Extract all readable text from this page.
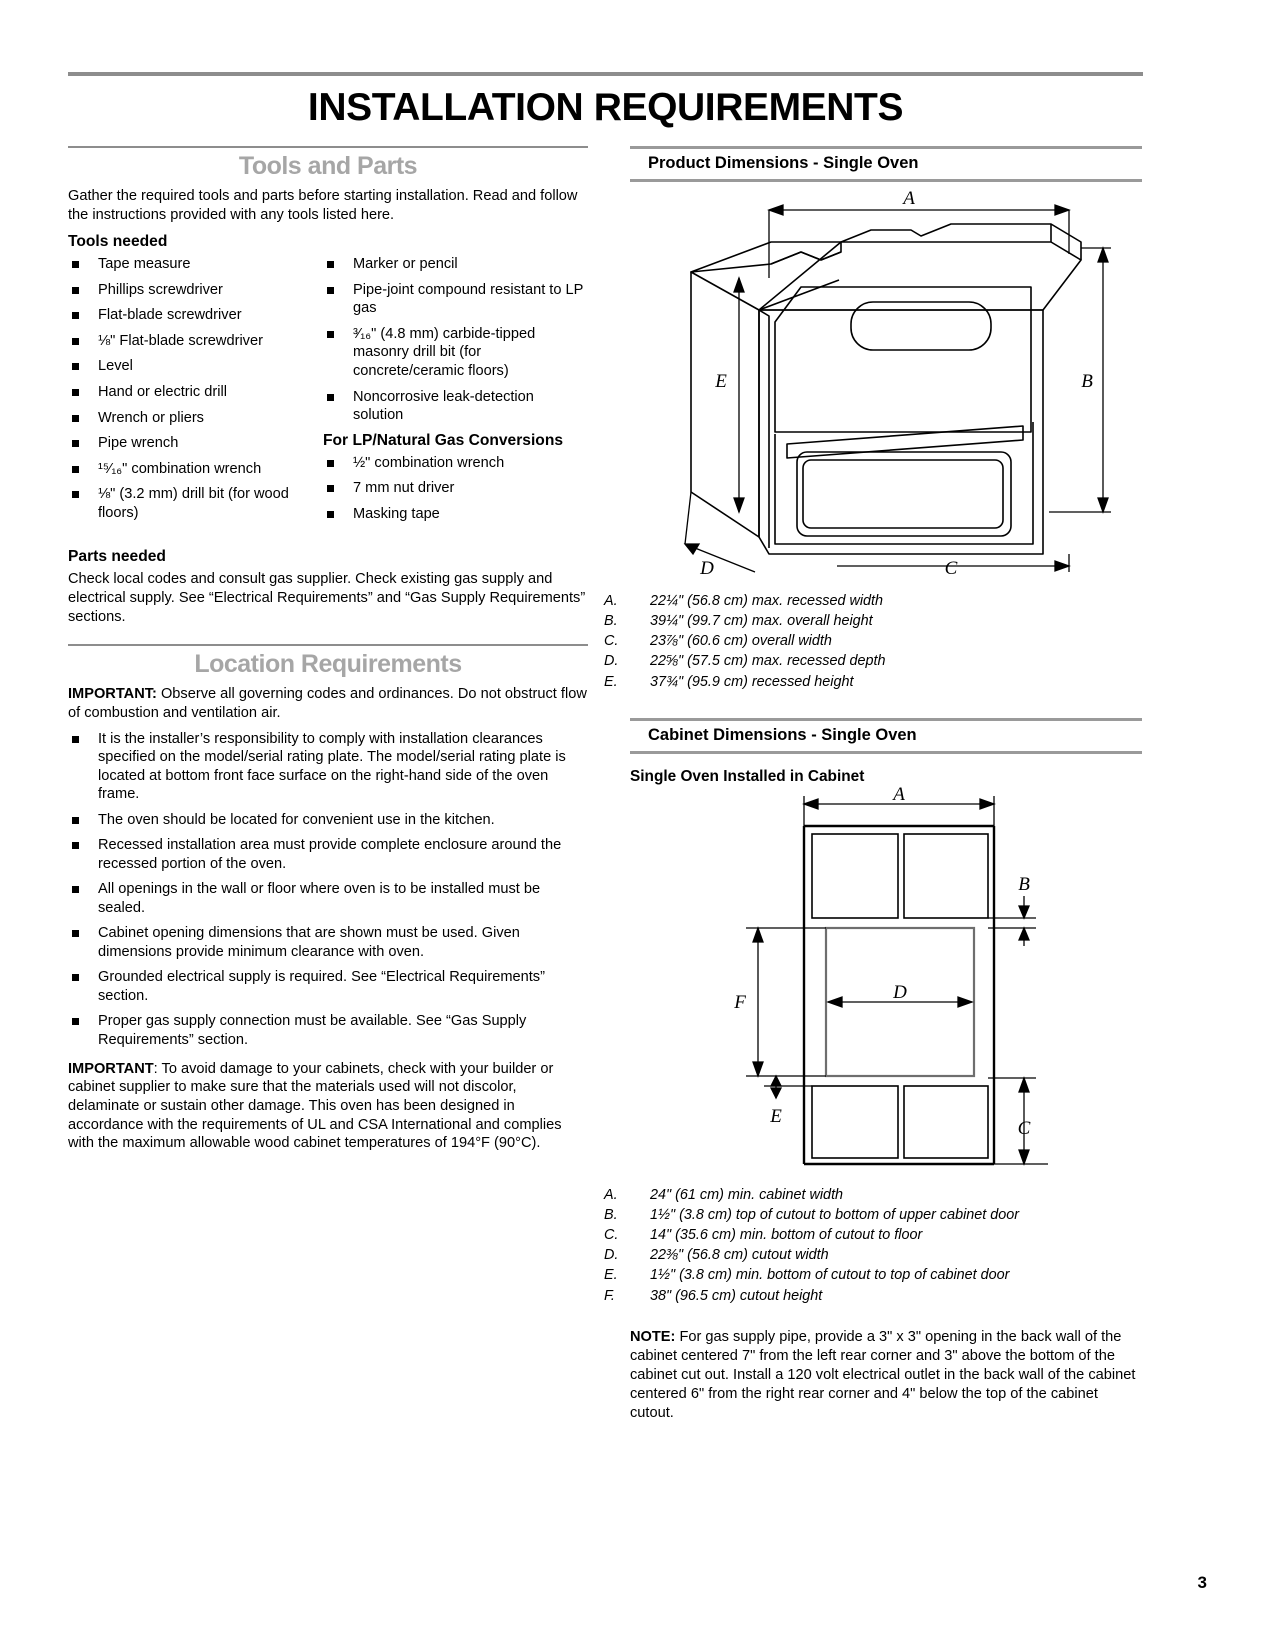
INSTALLATION REQUIREMENTS
Tools and Parts

Gather the required tools and parts before starting installation. Read and follow the instructions provided with any tools listed here.

Tools needed
Tape measure
Phillips screwdriver
Flat-blade screwdriver
⅛" Flat-blade screwdriver
Level
Hand or electric drill
Wrench or pliers
Pipe wrench
¹⁵⁄₁₆" combination wrench
⅛" (3.2 mm) drill bit (for wood floors)
Marker or pencil
Pipe-joint compound resistant to LP gas
³⁄₁₆" (4.8 mm) carbide-tipped masonry drill bit (for concrete/ceramic floors)
Noncorrosive leak-detection solution
For LP/Natural Gas Conversions
½" combination wrench
7 mm nut driver
Masking tape
Parts needed

Check local codes and consult gas supplier. Check existing gas supply and electrical supply. See “Electrical Requirements” and “Gas Supply Requirements” sections.

Location Requirements

IMPORTANT: Observe all governing codes and ordinances. Do not obstruct flow of combustion and ventilation air.

It is the installer’s responsibility to comply with installation clearances specified on the model/serial rating plate. The model/serial rating plate is located at bottom front face surface on the right-hand side of the oven frame.
The oven should be located for convenient use in the kitchen.
Recessed installation area must provide complete enclosure around the recessed portion of the oven.
All openings in the wall or floor where oven is to be installed must be sealed.
Cabinet opening dimensions that are shown must be used. Given dimensions provide minimum clearance with oven.
Grounded electrical supply is required. See “Electrical Requirements” section.
Proper gas supply connection must be available. See “Gas Supply Requirements” section.

IMPORTANT: To avoid damage to your cabinets, check with your builder or cabinet supplier to make sure that the materials used will not discolor, delaminate or sustain other damage. This oven has been designed in accordance with the requirements of UL and CSA International and complies with the maximum allowable wood cabinet temperatures of 194°F (90°C).

Product Dimensions - Single Oven
A
B
E
D	C
A. 22¼" (56.8 cm) max. recessed width
B. 39¼" (99.7 cm) max. overall height
C. 23⅞" (60.6 cm) overall width
D. 22⅝" (57.5 cm) max. recessed depth
E. 37¾" (95.9 cm) recessed height
Cabinet Dimensions - Single Oven
Single Oven Installed in Cabinet
A
B
F	D
E
C
A. 24" (61 cm) min. cabinet width
B. 1½" (3.8 cm) top of cutout to bottom of upper cabinet door
C. 14" (35.6 cm) min. bottom of cutout to floor
D. 22⅜" (56.8 cm) cutout width
E. 1½" (3.8 cm) min. bottom of cutout to top of cabinet door
F. 38" (96.5 cm) cutout height

NOTE: For gas supply pipe, provide a 3" x 3" opening in the back wall of the cabinet centered 7" from the left rear corner and 3" above the bottom of the cabinet cut out. Install a 120 volt electrical outlet in the back wall of the cabinet centered 6" from the right rear corner and 4" below the top of the cabinet cutout.

3
